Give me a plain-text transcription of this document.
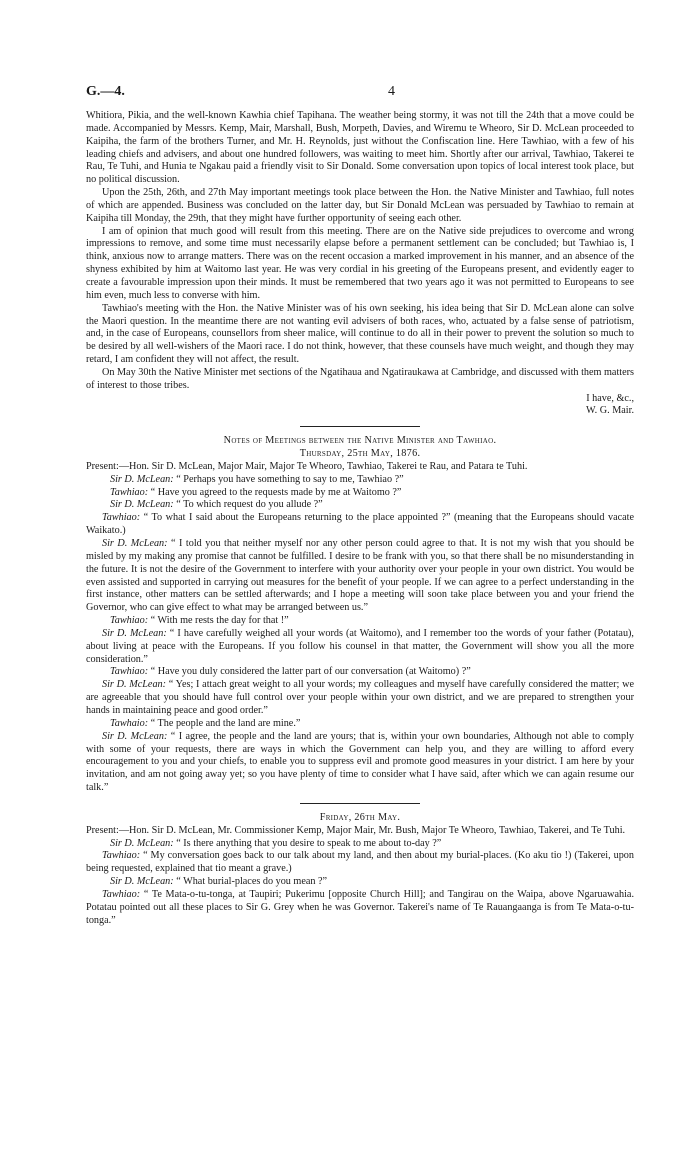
G.—4.	4

Whitiora, Pikia, and the well-known Kawhia chief Tapihana. The weather being stormy, it was not till the 24th that a move could be made. Accompanied by Messrs. Kemp, Mair, Marshall, Bush, Morpeth, Davies, and Wiremu te Wheoro, Sir D. McLean proceeded to Kaipiha, the farm of the brothers Turner, and Mr. H. Reynolds, just without the Confiscation line. Here Tawhiao, with a few of his leading chiefs and advisers, and about one hundred followers, was waiting to meet him. Shortly after our arrival, Tawhiao, Takerei te Rau, Te Tuhi, and Hunia te Ngakau paid a friendly visit to Sir Donald. Some conversation upon topics of local interest took place, but no political discussion.

Upon the 25th, 26th, and 27th May important meetings took place between the Hon. the Native Minister and Tawhiao, full notes of which are appended. Business was concluded on the latter day, but Sir Donald McLean was persuaded by Tawhiao to remain at Kaipiha till Monday, the 29th, that they might have further opportunity of seeing each other.

I am of opinion that much good will result from this meeting. There are on the Native side prejudices to overcome and wrong impressions to remove, and some time must necessarily elapse before a permanent settlement can be concluded; but Tawhiao is, I think, anxious now to arrange matters. There was on the recent occasion a marked improvement in his manner, and an absence of the shyness exhibited by him at Waitomo last year. He was very cordial in his greeting of the Europeans present, and evidently eager to create a favourable impression upon their minds. It must be remembered that two years ago it was not permitted to Europeans to see him even, much less to converse with him.

Tawhiao's meeting with the Hon. the Native Minister was of his own seeking, his idea being that Sir D. McLean alone can solve the Maori question. In the meantime there are not wanting evil advisers of both races, who, actuated by a false sense of patriotism, and, in the case of Europeans, counsellors from sheer malice, will continue to do all in their power to prevent the solution so much to be desired by all well-wishers of the Maori race. I do not think, however, that these counsels have much weight, and though they may retard, I am confident they will not affect, the result.

On May 30th the Native Minister met sections of the Ngatihaua and Ngatiraukawa at Cambridge, and discussed with them matters of interest to those tribes.

I have, &c.,
W. G. Mair.

Notes of Meetings between the Native Minister and Tawhiao.

Thursday, 25th May, 1876.

Present:—Hon. Sir D. McLean, Major Mair, Major Te Wheoro, Tawhiao, Takerei te Rau, and Patara te Tuhi.

Sir D. McLean: “ Perhaps you have something to say to me, Tawhiao ?”

Tawhiao: “ Have you agreed to the requests made by me at Waitomo ?”

Sir D. McLean: “ To which request do you allude ?”

Tawhiao: “ To what I said about the Europeans returning to the place appointed ?” (meaning that the Europeans should vacate Waikato.)

Sir D. McLean: “ I told you that neither myself nor any other person could agree to that. It is not my wish that you should be misled by my making any promise that cannot be fulfilled. I desire to be frank with you, so that there shall be no misunderstanding in the future. It is not the desire of the Government to interfere with your authority over your people in your own district. You would be even assisted and supported in carrying out measures for the benefit of your people. If we can agree to a perfect understanding in the first instance, other matters can be settled afterwards; and I hope a meeting will soon take place between you and your friend the Governor, who can give effect to what may be arranged between us.”

Tawhiao: “ With me rests the day for that !”

Sir D. McLean: “ I have carefully weighed all your words (at Waitomo), and I remember too the words of your father (Potatau), about living at peace with the Europeans. If you follow his counsel in that matter, the Government will show you all the more consideration.”

Tawhiao: “ Have you duly considered the latter part of our conversation (at Waitomo) ?”

Sir D. McLean: “ Yes; I attach great weight to all your words; my colleagues and myself have carefully considered the matter; we are agreeable that you should have full control over your people within your own district, and we are prepared to strengthen your hands in maintaining peace and good order.”

Tawhaio: “ The people and the land are mine.”

Sir D. McLean: “ I agree, the people and the land are yours; that is, within your own boundaries, Although not able to comply with some of your requests, there are ways in which the Government can help you, and they are willing to afford every encouragement to you and your chiefs, to enable you to suppress evil and promote good measures in your district. I am here by your invitation, and am not going away yet; so you have plenty of time to consider what I have said, after which we can again resume our talk.”

Friday, 26th May.

Present:—Hon. Sir D. McLean, Mr. Commissioner Kemp, Major Mair, Mr. Bush, Major Te Wheoro, Tawhiao, Takerei, and Te Tuhi.

Sir D. McLean: “ Is there anything that you desire to speak to me about to-day ?”

Tawhiao: “ My conversation goes back to our talk about my land, and then about my burial-places. (Ko aku tio !) (Takerei, upon being requested, explained that tio meant a grave.)

Sir D. McLean: “ What burial-places do you mean ?”

Tawhiao: “ Te Mata-o-tu-tonga, at Taupiri; Pukerimu [opposite Church Hill]; and Tangirau on the Waipa, above Ngaruawahia. Potatau pointed out all these places to Sir G. Grey when he was Governor. Takerei's name of Te Rauangaanga is from Te Mata-o-tu-tonga.”
